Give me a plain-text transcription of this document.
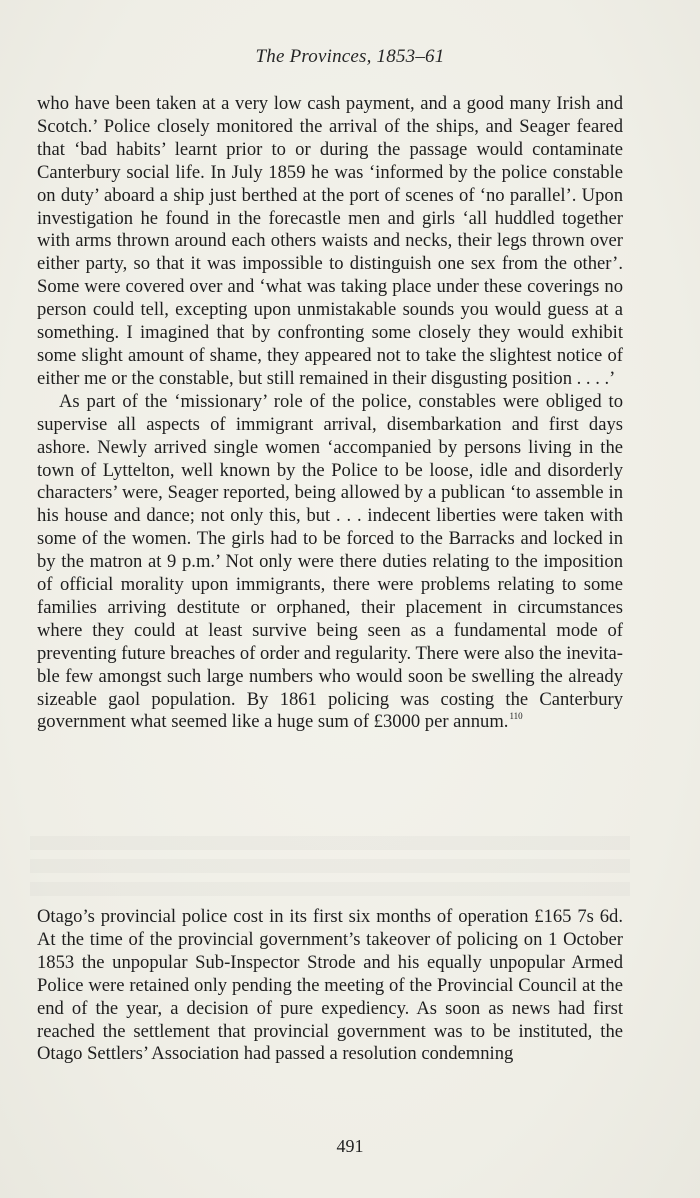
The Provinces, 1853–61

who have been taken at a very low cash payment, and a good many Irish and Scotch.’ Police closely monitored the arrival of the ships, and Seager feared that ‘bad habits’ learnt prior to or during the passage would contaminate Canterbury social life. In July 1859 he was ‘informed by the police constable on duty’ aboard a ship just berthed at the port of scenes of ‘no parallel’. Upon investigation he found in the forecastle men and girls ‘all huddled together with arms thrown around each others waists and necks, their legs thrown over either party, so that it was impossible to distinguish one sex from the other’. Some were covered over and ‘what was taking place under these coverings no person could tell, excepting upon unmistakable sounds you would guess at a something. I imagined that by confronting some closely they would exhibit some slight amount of shame, they appeared not to take the slightest notice of either me or the constable, but still remained in their disgusting position . . . .’

As part of the ‘missionary’ role of the police, constables were obliged to supervise all aspects of immigrant arrival, disembarkation and first days ashore. Newly arrived single women ‘accompanied by persons living in the town of Lyttelton, well known by the Police to be loose, idle and disorderly characters’ were, Seager reported, being allowed by a publican ‘to assemble in his house and dance; not only this, but . . . indecent liberties were taken with some of the women. The girls had to be forced to the Barracks and locked in by the matron at 9 p.m.’ Not only were there duties relating to the imposition of official morality upon immigrants, there were problems relating to some families arriving destitute or orphaned, their placement in circumstances where they could at least survive being seen as a fundamental mode of preventing future breaches of order and regularity. There were also the inevitable few amongst such large numbers who would soon be swelling the already sizeable gaol population. By 1861 policing was costing the Canterbury government what seemed like a huge sum of £3000 per annum.$^{110}$

Otago’s provincial police cost in its first six months of operation £165 7s 6d. At the time of the provincial government’s takeover of policing on 1 October 1853 the unpopular Sub-Inspector Strode and his equally unpopular Armed Police were retained only pending the meeting of the Provincial Council at the end of the year, a decision of pure expediency. As soon as news had first reached the settlement that provincial government was to be instituted, the Otago Settlers’ Association had passed a resolution condemning

491
